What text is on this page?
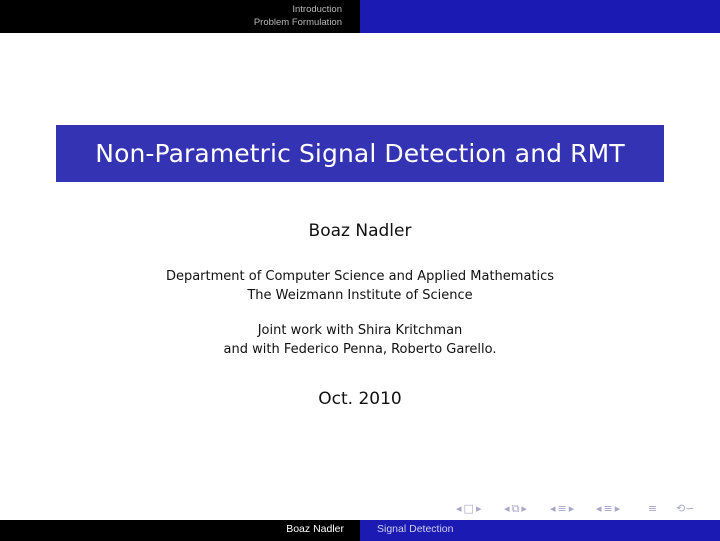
Introduction
Problem Formulation
Non-Parametric Signal Detection and RMT
Boaz Nadler
Department of Computer Science and Applied Mathematics
The Weizmann Institute of Science
Joint work with Shira Kritchman
and with Federico Penna, Roberto Garello.
Oct. 2010
◂ □ ▸ ◂ ⧉ ▸ ◂ ≡ ▸ ◂ ≡ ▸	≡ ⟲∽
Boaz Nadler	Signal Detection
